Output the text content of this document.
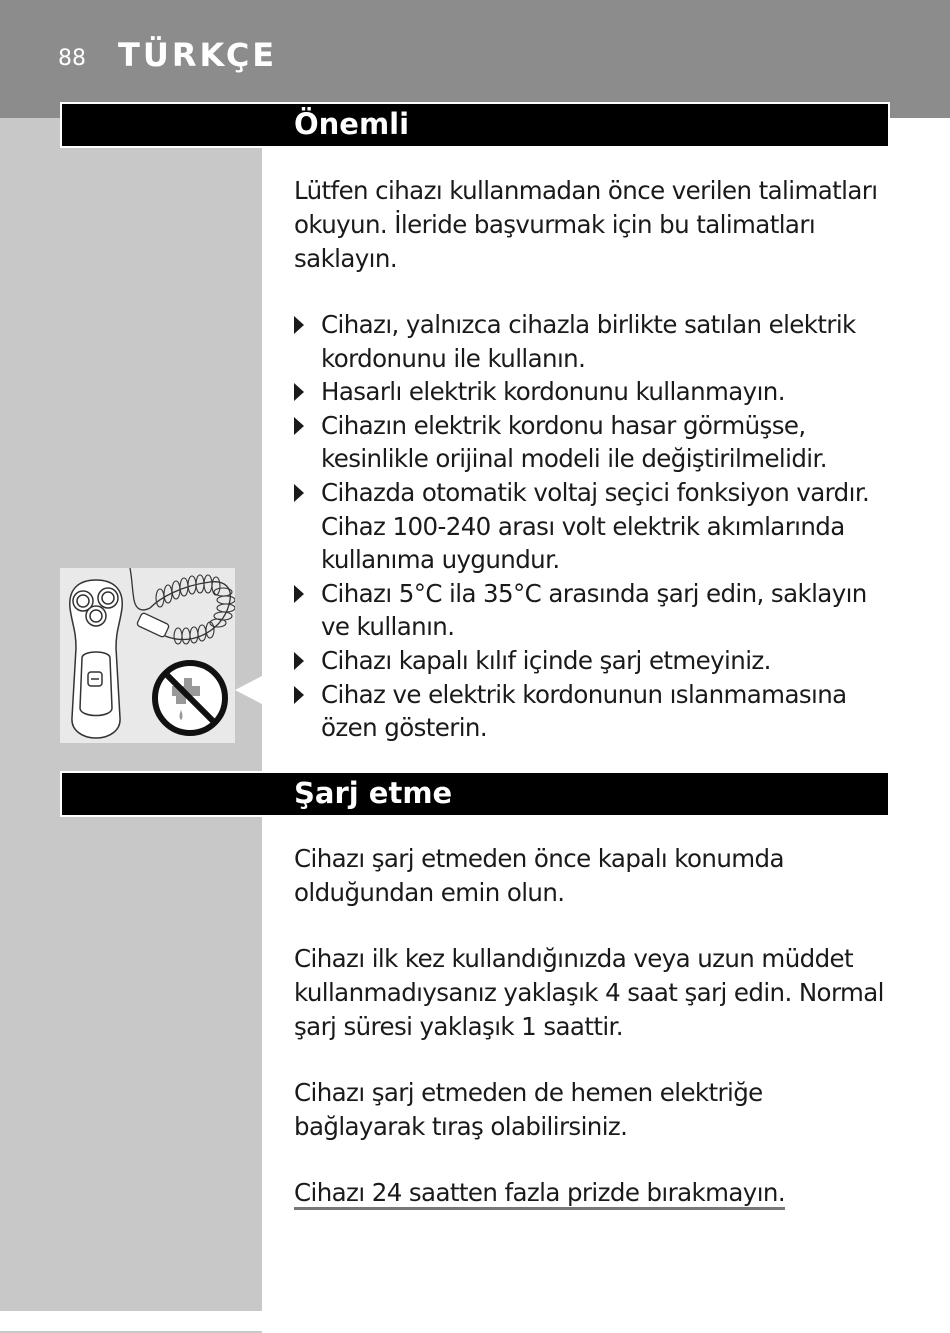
88 TÜRKÇE
Önemli
Lütfen cihazı kullanmadan önce verilen talimatları okuyun. İleride başvurmak için bu talimatları saklayın.
Cihazı, yalnızca cihazla birlikte satılan elektrik kordonunu ile kullanın.
Hasarlı elektrik kordonunu kullanmayın.
Cihazın elektrik kordonu hasar görmüşse, kesinlikle orijinal modeli ile değiştirilmelidir.
Cihazda otomatik voltaj seçici fonksiyon vardır. Cihaz 100-240 arası volt elektrik akımlarında kullanıma uygundur.
Cihazı 5°C ila 35°C arasında şarj edin, saklayın ve kullanın.
Cihazı kapalı kılıf içinde şarj etmeyiniz.
Cihaz ve elektrik kordonunun ıslanmamasına özen gösterin.
Şarj etme
Cihazı şarj etmeden önce kapalı konumda olduğundan emin olun.
Cihazı ilk kez kullandığınızda veya uzun müddet kullanmadıysanız yaklaşık 4 saat şarj edin. Normal şarj süresi yaklaşık 1 saattir.
Cihazı şarj etmeden de hemen elektriğe bağlayarak tıraş olabilirsiniz.
Cihazı 24 saatten fazla prizde bırakmayın.
